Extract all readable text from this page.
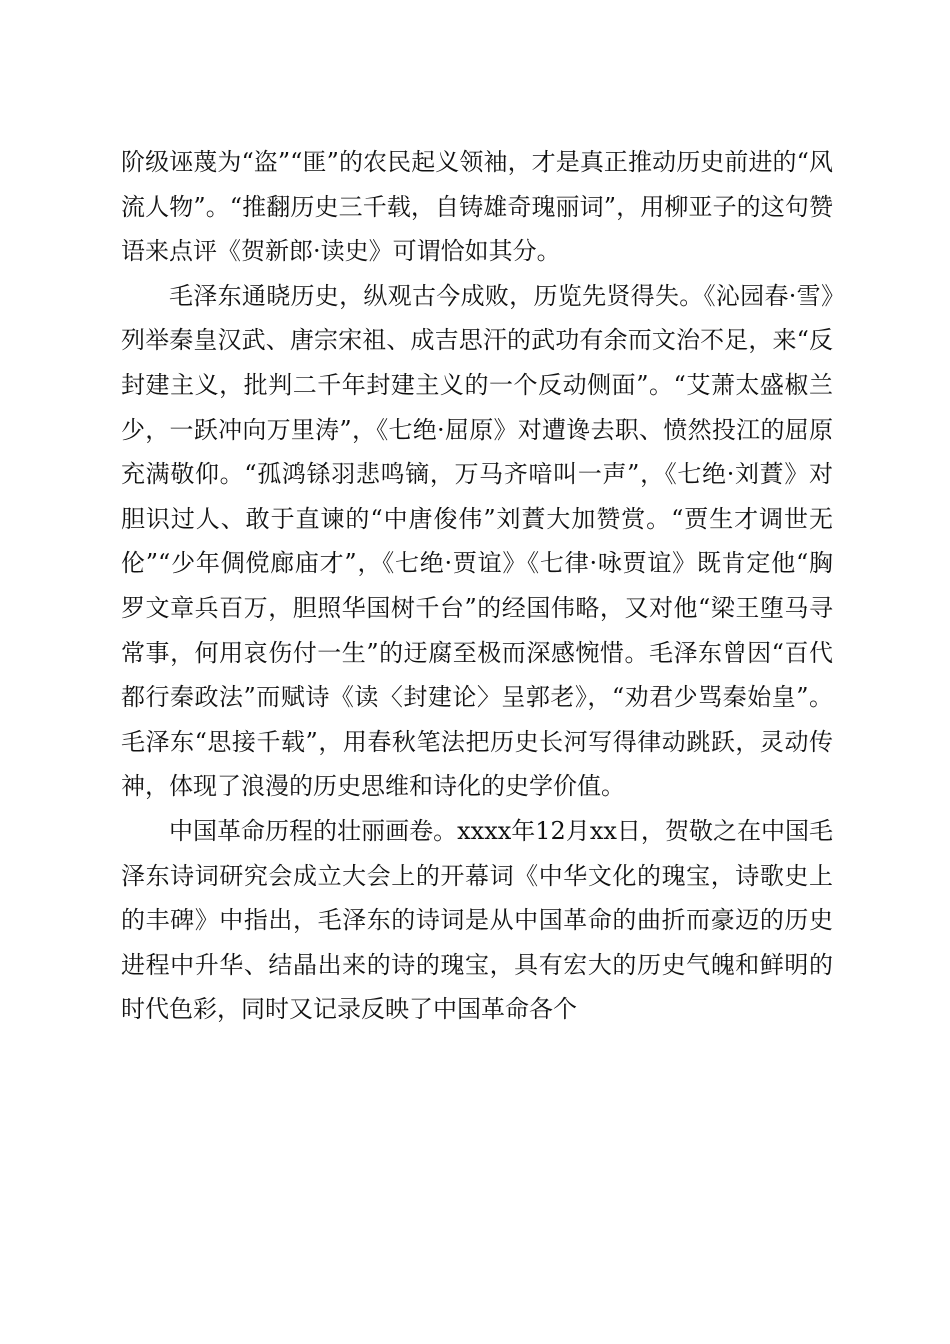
阶级诬蔑为“盗”“匪”的农民起义领袖，才是真正推动历史前进的“风流人物”。“推翻历史三千载，自铸雄奇瑰丽词”，用柳亚子的这句赞语来点评《贺新郎·读史》可谓恰如其分。

毛泽东通晓历史，纵观古今成败，历览先贤得失。《沁园春·雪》列举秦皇汉武、唐宗宋祖、成吉思汗的武功有余而文治不足，来“反封建主义，批判二千年封建主义的一个反动侧面”。“艾萧太盛椒兰少，一跃冲向万里涛”，《七绝·屈原》对遭谗去职、愤然投江的屈原充满敬仰。“孤鸿铩羽悲鸣镝，万马齐喑叫一声”，《七绝·刘蕡》对胆识过人、敢于直谏的“中唐俊伟”刘蕡大加赞赏。“贾生才调世无伦”“少年倜傥廊庙才”，《七绝·贾谊》《七律·咏贾谊》既肯定他“胸罗文章兵百万，胆照华国树千台”的经国伟略，又对他“梁王堕马寻常事，何用哀伤付一生”的迂腐至极而深感惋惜。毛泽东曾因“百代都行秦政法”而赋诗《读〈封建论〉呈郭老》，“劝君少骂秦始皇”。毛泽东“思接千载”，用春秋笔法把历史长河写得律动跳跃，灵动传神，体现了浪漫的历史思维和诗化的史学价值。

中国革命历程的壮丽画卷。xxxx年12月xx日，贺敬之在中国毛泽东诗词研究会成立大会上的开幕词《中华文化的瑰宝，诗歌史上的丰碑》中指出，毛泽东的诗词是从中国革命的曲折而豪迈的历史进程中升华、结晶出来的诗的瑰宝，具有宏大的历史气魄和鲜明的时代色彩，同时又记录反映了中国革命各个
